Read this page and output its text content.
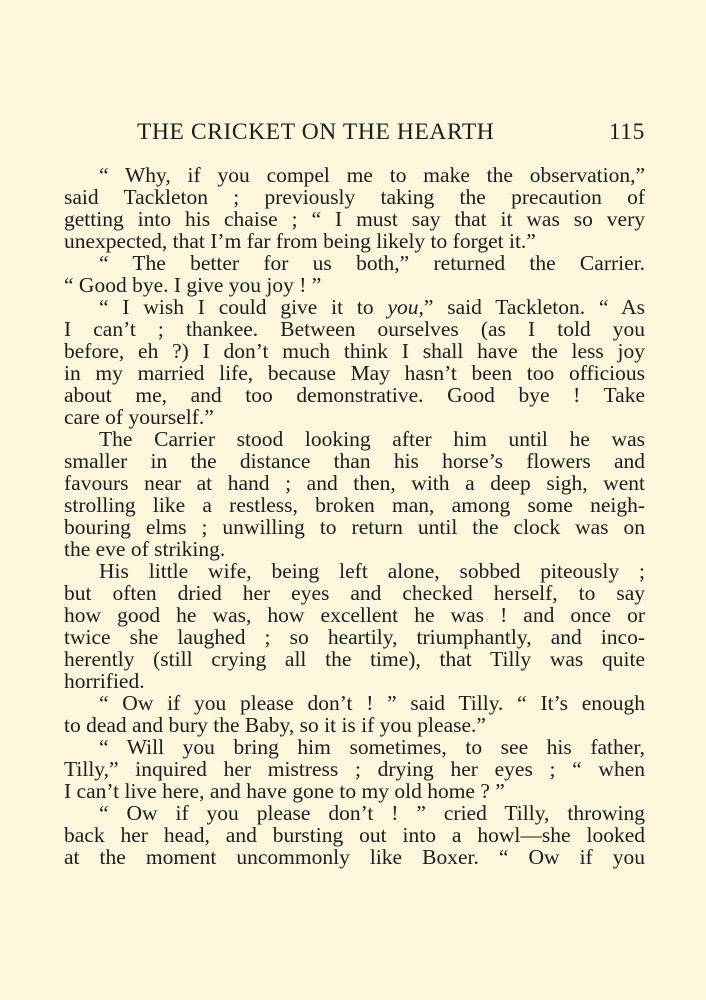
THE CRICKET ON THE HEARTH	115
“ Why, if you compel me to make the observation,”
said Tackleton ; previously taking the precaution of
getting into his chaise ; “ I must say that it was so very
unexpected, that I’m far from being likely to forget it.”
“ The better for us both,” returned the Carrier.
“ Good bye. I give you joy ! ”
“ I wish I could give it to you,” said Tackleton. “ As
I can’t ; thankee. Between ourselves (as I told you
before, eh ?) I don’t much think I shall have the less joy
in my married life, because May hasn’t been too officious
about me, and too demonstrative. Good bye ! Take
care of yourself.”
The Carrier stood looking after him until he was
smaller in the distance than his horse’s flowers and
favours near at hand ; and then, with a deep sigh, went
strolling like a restless, broken man, among some neigh-
bouring elms ; unwilling to return until the clock was on
the eve of striking.
His little wife, being left alone, sobbed piteously ;
but often dried her eyes and checked herself, to say
how good he was, how excellent he was ! and once or
twice she laughed ; so heartily, triumphantly, and inco-
herently (still crying all the time), that Tilly was quite
horrified.
“ Ow if you please don’t ! ” said Tilly. “ It’s enough
to dead and bury the Baby, so it is if you please.”
“ Will you bring him sometimes, to see his father,
Tilly,” inquired her mistress ; drying her eyes ; “ when
I can’t live here, and have gone to my old home ? ”
“ Ow if you please don’t ! ” cried Tilly, throwing
back her head, and bursting out into a howl—she looked
at the moment uncommonly like Boxer. “ Ow if you
